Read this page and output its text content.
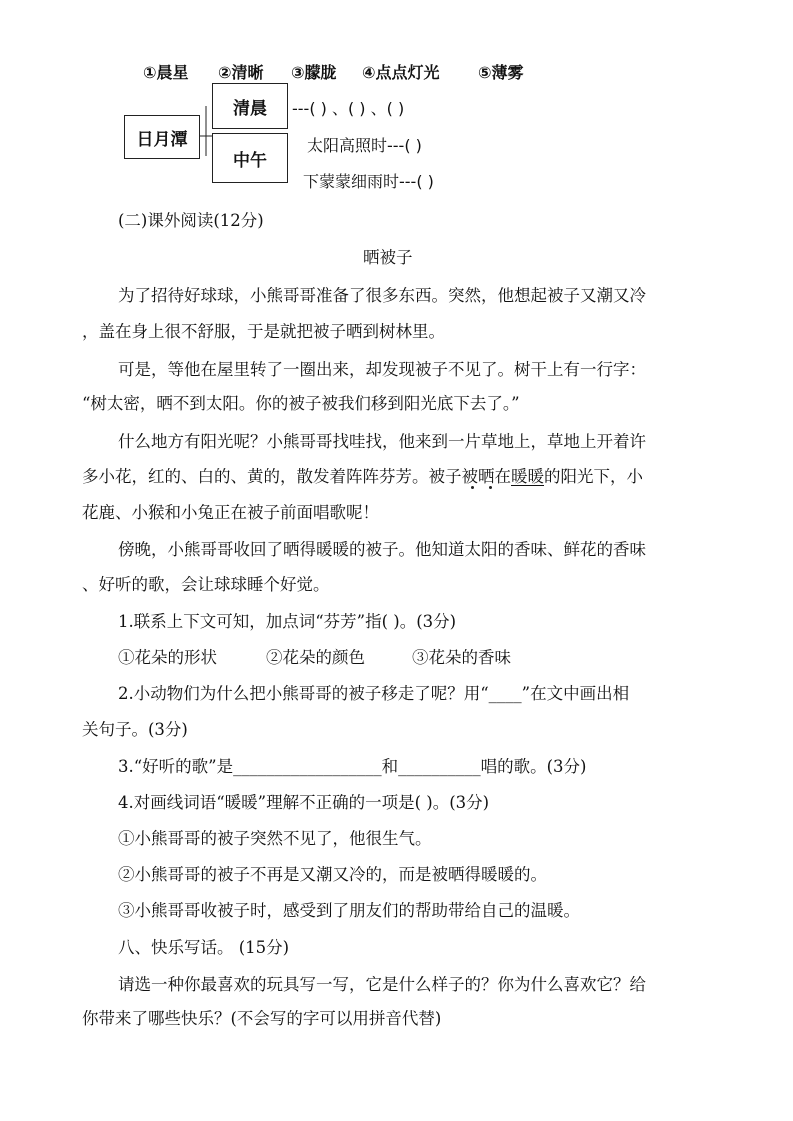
①晨星 ②清晰 ③朦胧 ④点点灯光 ⑤薄雾
日月潭
清晨
中午
---( ) 、( ) 、( )
太阳高照时---( )
下蒙蒙细雨时---( )
(二)课外阅读(12分)
晒被子
为了招待好球球，小熊哥哥准备了很多东西。突然，他想起被子又潮又冷
，盖在身上很不舒服，于是就把被子晒到树林里。
可是，等他在屋里转了一圈出来，却发现被子不见了。树干上有一行字：
“树太密，晒不到太阳。你的被子被我们移到阳光底下去了。”
什么地方有阳光呢？小熊哥哥找哇找，他来到一片草地上，草地上开着许
多小花，红的、白的、黄的，散发着阵阵芬芳。被子被晒在暖暖的阳光下，小
花鹿、小猴和小兔正在被子前面唱歌呢！
傍晚，小熊哥哥收回了晒得暖暖的被子。他知道太阳的香味、鲜花的香味
、好听的歌，会让球球睡个好觉。
1.联系上下文可知，加点词“芬芳”指( )。(3分)
①花朵的形状	②花朵的颜色	③花朵的香味
2.小动物们为什么把小熊哥哥的被子移走了呢？用“____”在文中画出相
关句子。(3分)
3.“好听的歌”是__________________和__________唱的歌。(3分)
4.对画线词语“暖暖”理解不正确的一项是( )。(3分)
①小熊哥哥的被子突然不见了，他很生气。
②小熊哥哥的被子不再是又潮又冷的，而是被晒得暖暖的。
③小熊哥哥收被子时，感受到了朋友们的帮助带给自己的温暖。
八、快乐写话。 (15分)
请选一种你最喜欢的玩具写一写，它是什么样子的？你为什么喜欢它？给
你带来了哪些快乐？(不会写的字可以用拼音代替)
